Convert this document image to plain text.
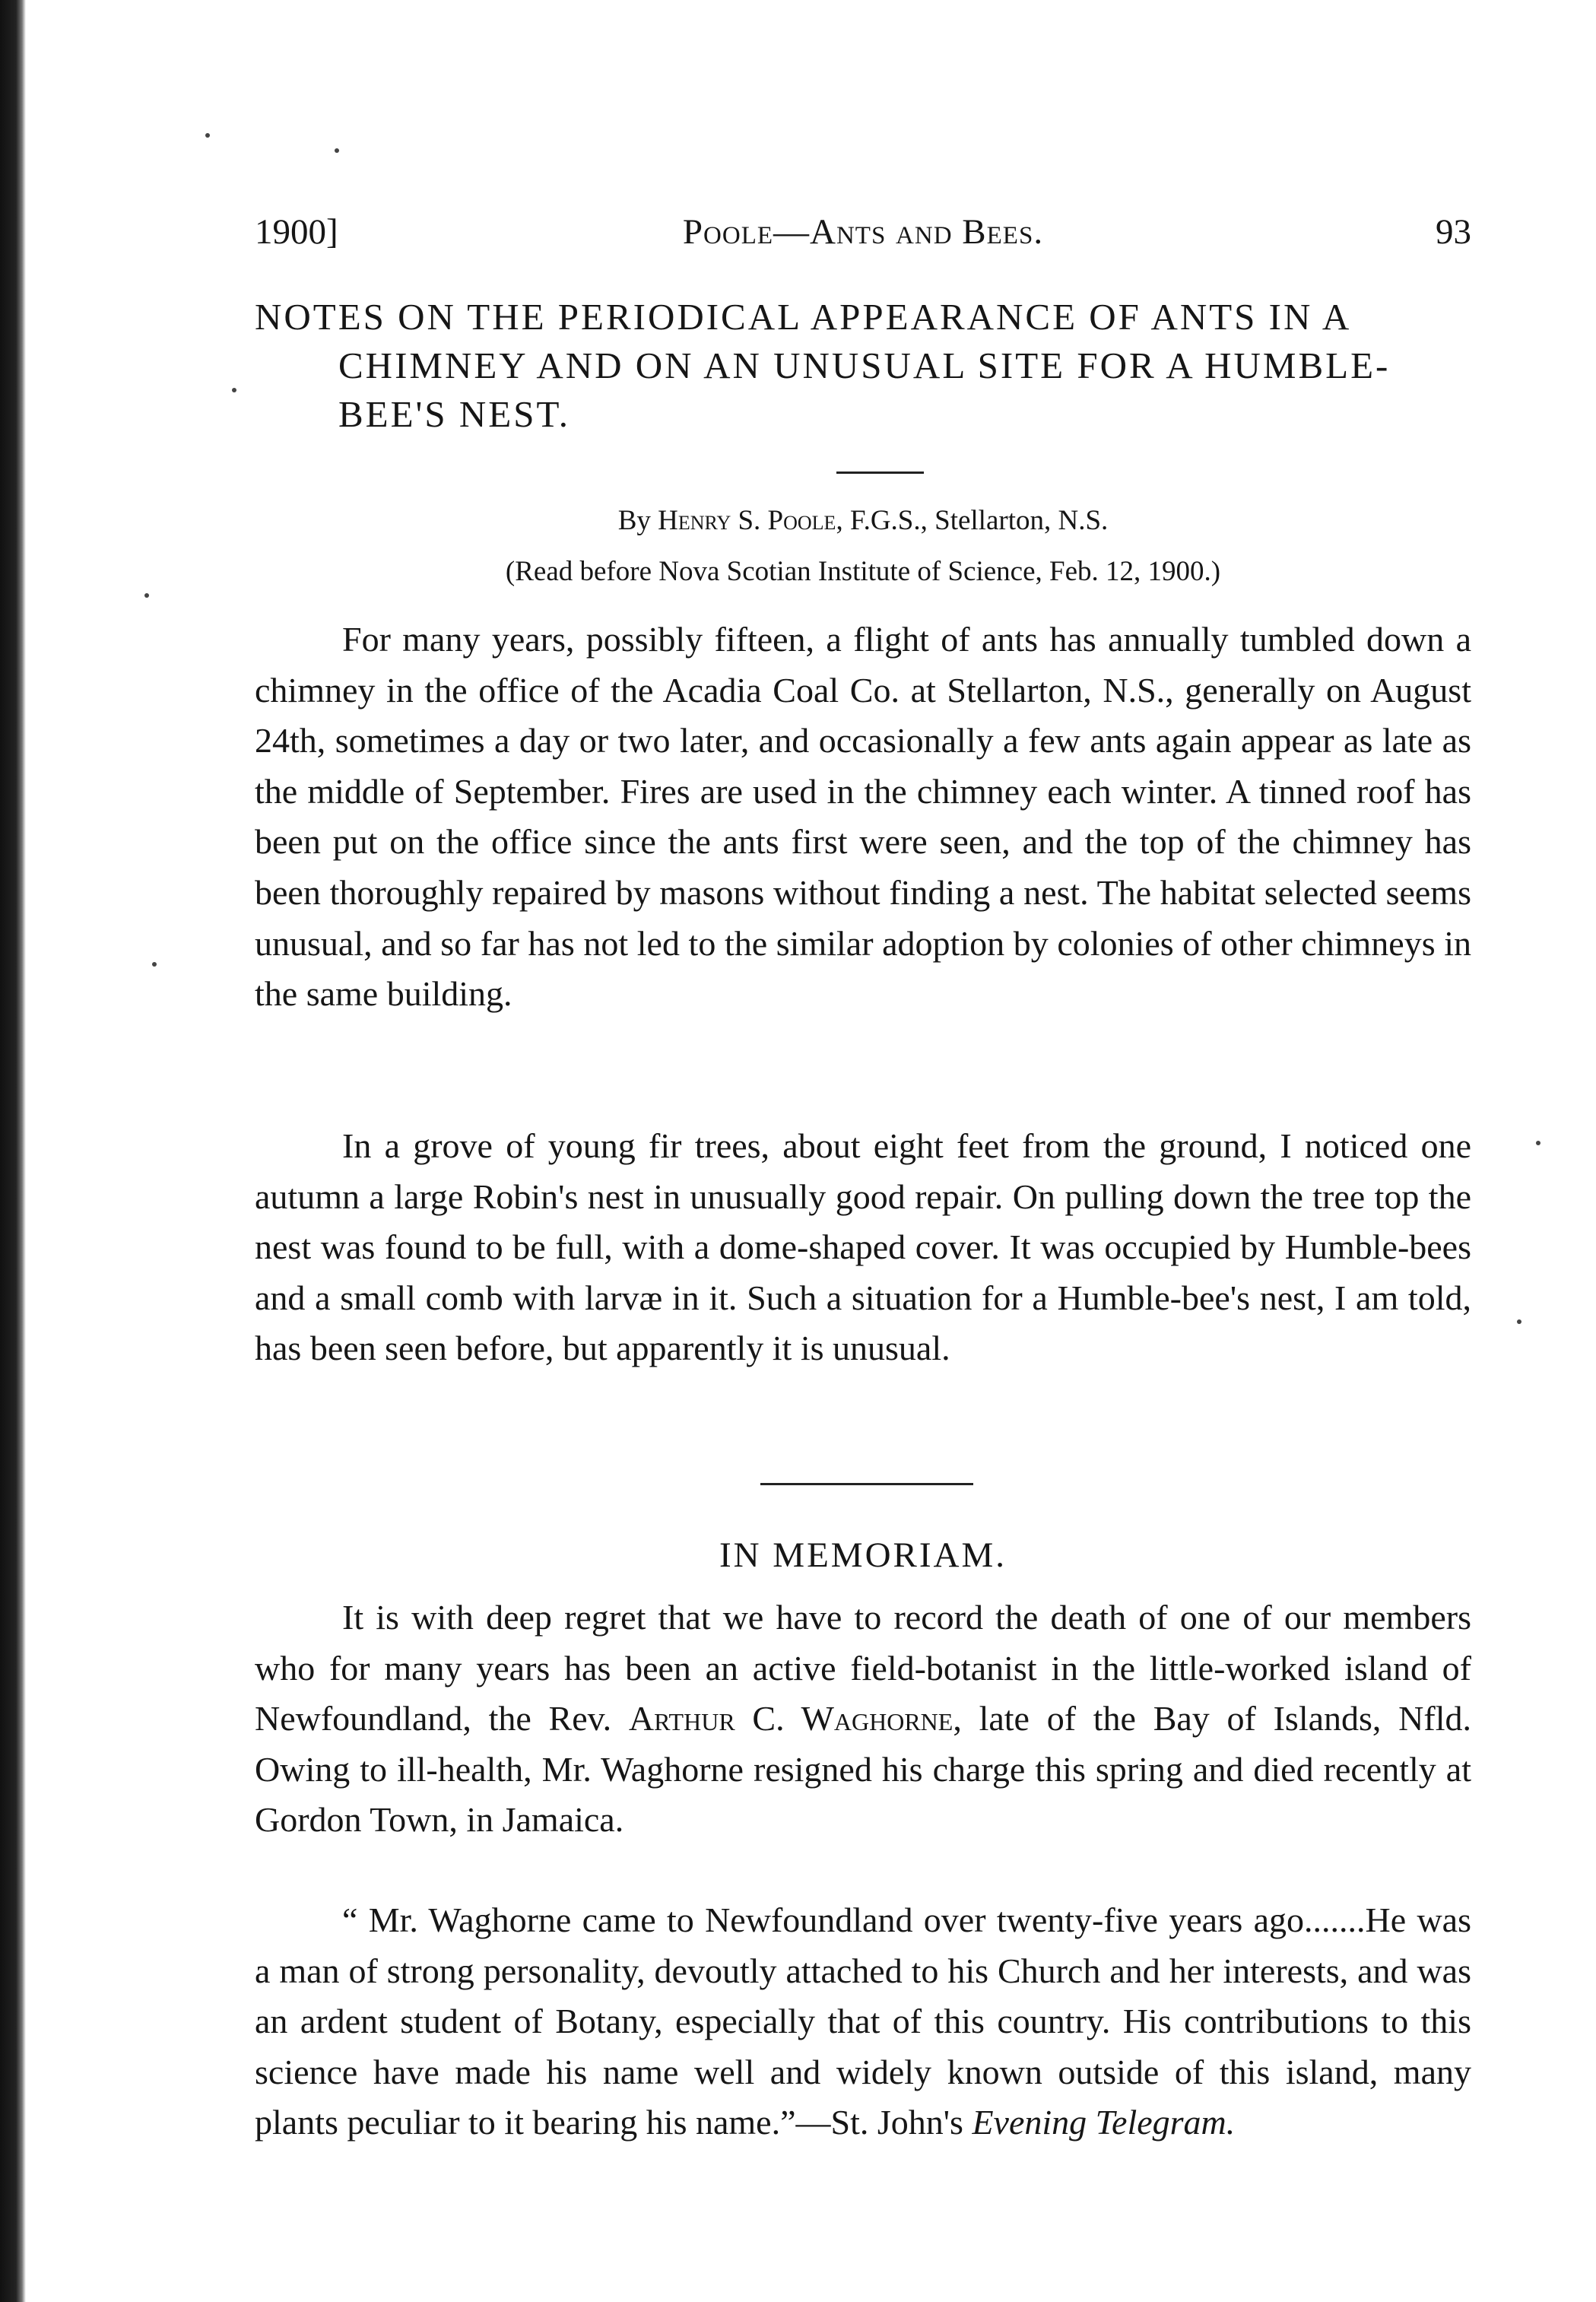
1900]	Poole—Ants and Bees.	93
NOTES ON THE PERIODICAL APPEARANCE OF ANTS IN A CHIMNEY AND ON AN UNUSUAL SITE FOR A HUMBLE-BEE'S NEST.
By Henry S. Poole, F.G.S., Stellarton, N.S.
(Read before Nova Scotian Institute of Science, Feb. 12, 1900.)

For many years, possibly fifteen, a flight of ants has annually tumbled down a chimney in the office of the Acadia Coal Co. at Stellarton, N.S., generally on August 24th, sometimes a day or two later, and occasionally a few ants again appear as late as the middle of September. Fires are used in the chimney each winter. A tinned roof has been put on the office since the ants first were seen, and the top of the chimney has been thoroughly repaired by masons without finding a nest. The habitat selected seems unusual, and so far has not led to the similar adoption by colonies of other chimneys in the same building.

In a grove of young fir trees, about eight feet from the ground, I noticed one autumn a large Robin's nest in unusually good repair. On pulling down the tree top the nest was found to be full, with a dome-shaped cover. It was occupied by Humble-bees and a small comb with larvæ in it. Such a situation for a Humble-bee's nest, I am told, has been seen before, but apparently it is unusual.

IN MEMORIAM.

It is with deep regret that we have to record the death of one of our members who for many years has been an active field-botanist in the little-worked island of Newfoundland, the Rev. Arthur C. Waghorne, late of the Bay of Islands, Nfld. Owing to ill-health, Mr. Waghorne resigned his charge this spring and died recently at Gordon Town, in Jamaica.

“ Mr. Waghorne came to Newfoundland over twenty-five years ago.......He was a man of strong personality, devoutly attached to his Church and her interests, and was an ardent student of Botany, especially that of this country. His contributions to this science have made his name well and widely known outside of this island, many plants peculiar to it bearing his name.”—St. John's Evening Telegram.
